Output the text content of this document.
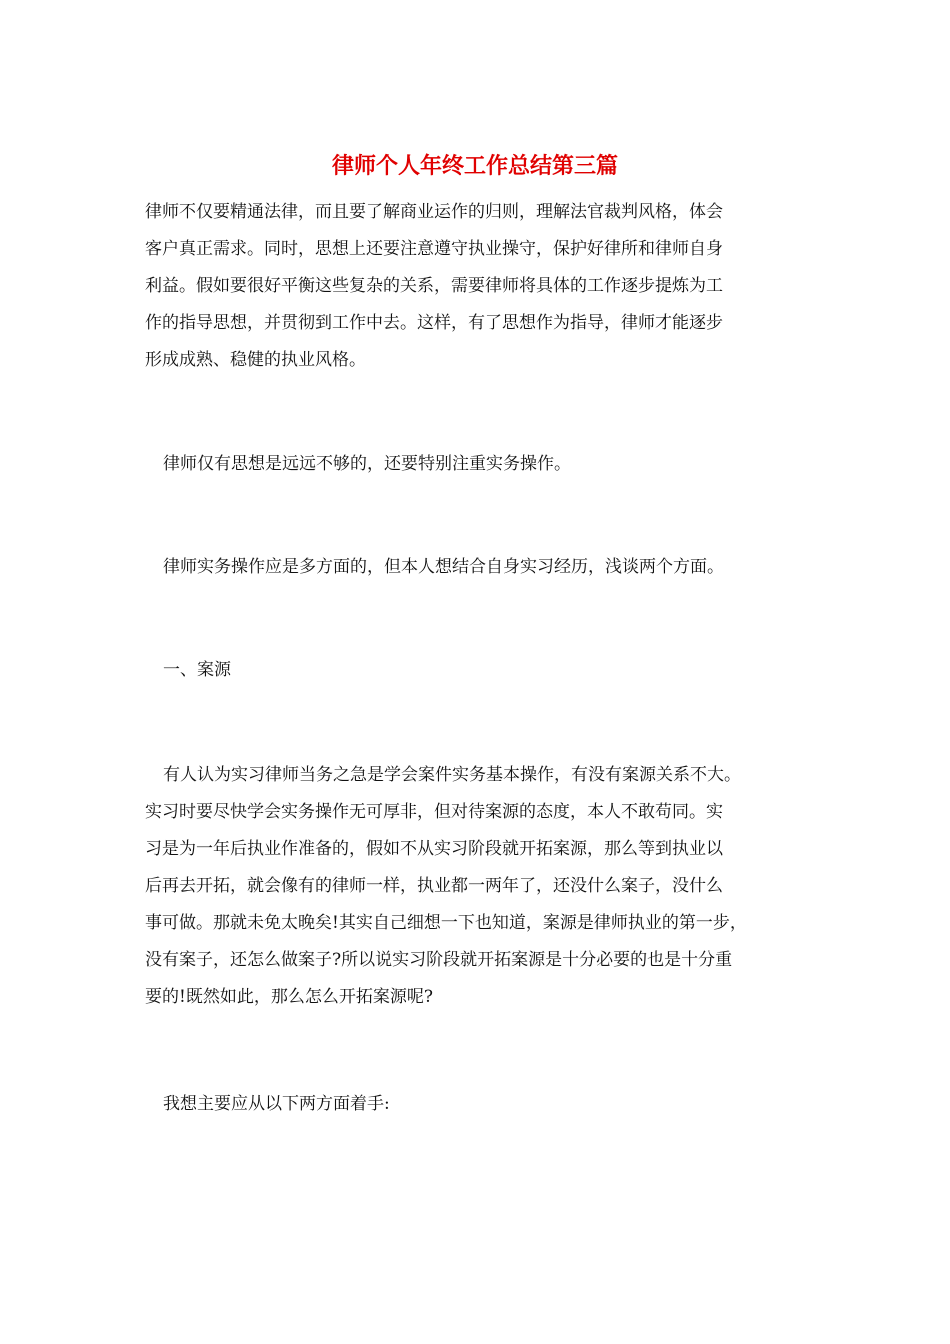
律师个人年终工作总结第三篇
律师不仅要精通法律，而且要了解商业运作的归则，理解法官裁判风格，体会
客户真正需求。同时，思想上还要注意遵守执业操守，保护好律所和律师自身
利益。假如要很好平衡这些复杂的关系，需要律师将具体的工作逐步提炼为工
作的指导思想，并贯彻到工作中去。这样，有了思想作为指导，律师才能逐步
形成成熟、稳健的执业风格。
律师仅有思想是远远不够的，还要特别注重实务操作。
律师实务操作应是多方面的，但本人想结合自身实习经历，浅谈两个方面。
一、案源
有人认为实习律师当务之急是学会案件实务基本操作，有没有案源关系不大。
实习时要尽快学会实务操作无可厚非，但对待案源的态度，本人不敢苟同。实
习是为一年后执业作准备的，假如不从实习阶段就开拓案源，那么等到执业以
后再去开拓，就会像有的律师一样，执业都一两年了，还没什么案子，没什么
事可做。那就未免太晚矣!其实自己细想一下也知道，案源是律师执业的第一步，
没有案子，还怎么做案子?所以说实习阶段就开拓案源是十分必要的也是十分重
要的!既然如此，那么怎么开拓案源呢?
我想主要应从以下两方面着手:
